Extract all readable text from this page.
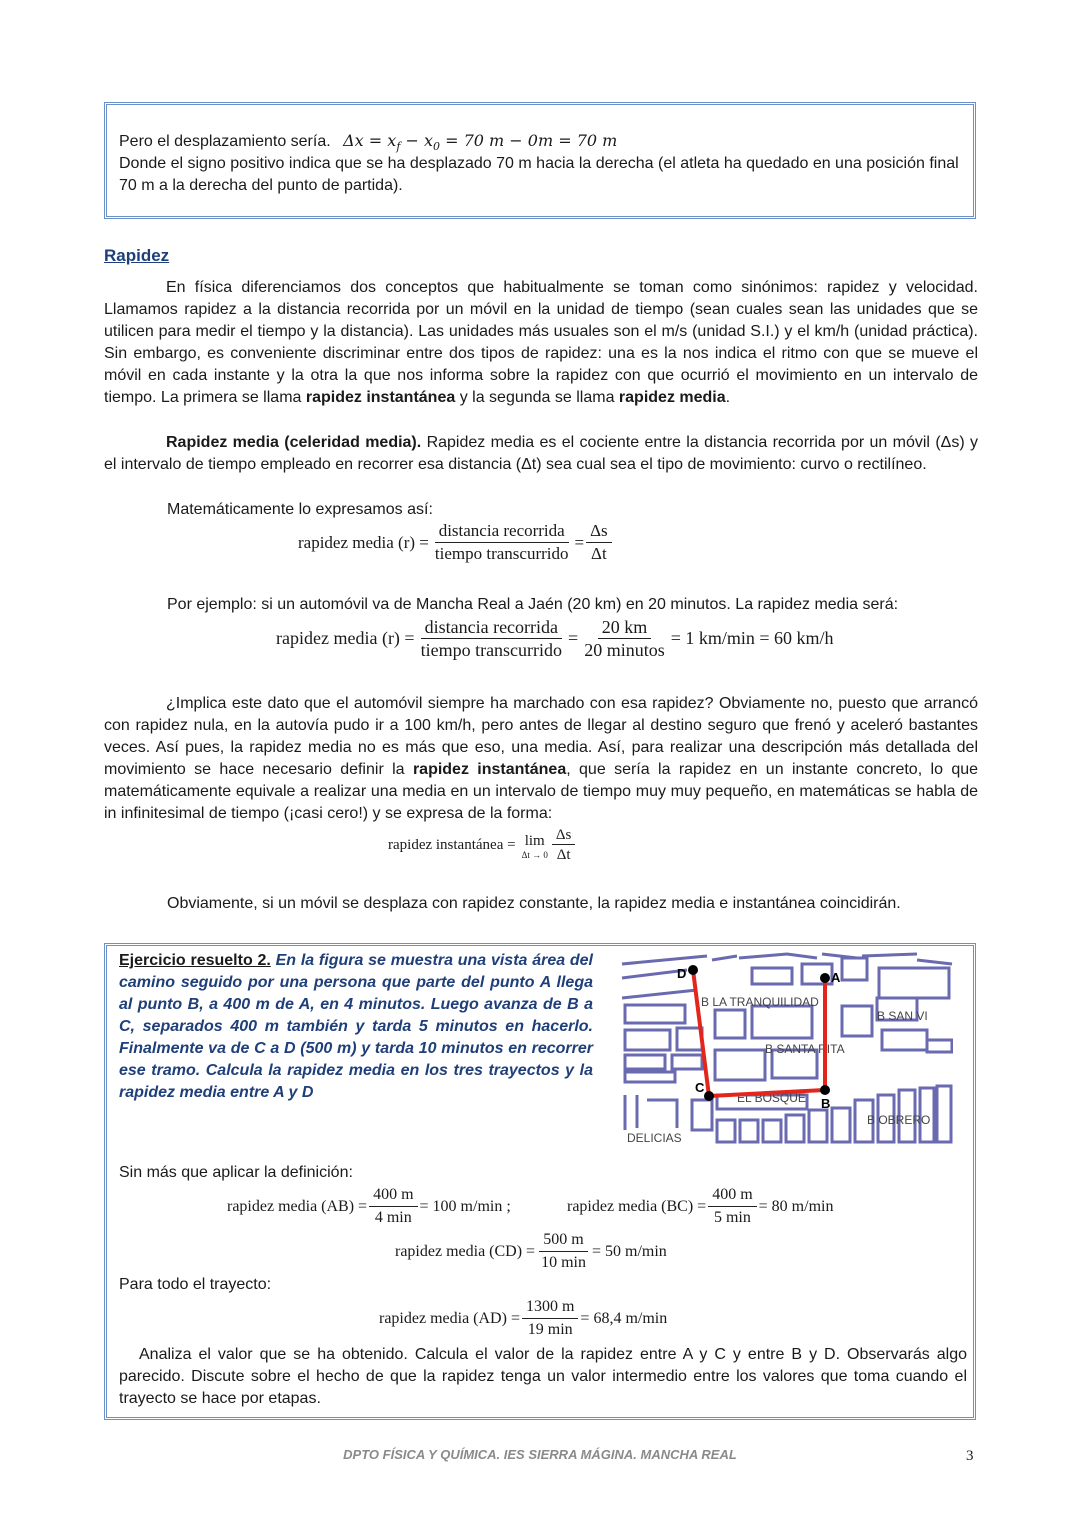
Pero el desplazamiento sería. $\Delta x = x_f - x_0 = 70$ m − 0m = 70 m

Donde el signo positivo indica que se ha desplazado 70 m hacia la derecha (el atleta ha quedado en una posición final 70 m a la derecha del punto de partida).

Rapidez

En física diferenciamos dos conceptos que habitualmente se toman como sinónimos: rapidez y velocidad. Llamamos rapidez a la distancia recorrida por un móvil en la unidad de tiempo (sean cuales sean las unidades que se utilicen para medir el tiempo y la distancia). Las unidades más usuales son el m/s (unidad S.I.) y el km/h (unidad práctica). Sin embargo, es conveniente discriminar entre dos tipos de rapidez: una es la nos indica el ritmo con que se mueve el móvil en cada instante y la otra la que nos informa sobre la rapidez con que ocurrió el movimiento en un intervalo de tiempo. La primera se llama rapidez instantánea y la segunda se llama rapidez media.

Rapidez media (celeridad media). Rapidez media es el cociente entre la distancia recorrida por un móvil (Δs) y el intervalo de tiempo empleado en recorrer esa distancia (Δt) sea cual sea el tipo de movimiento: curvo o rectilíneo.

Matemáticamente lo expresamos así:

rapidez media $(r) = \frac{\text{distancia recorrida}}{\text{tiempo transcurrido}} = \frac{\Delta s}{\Delta t}$

Por ejemplo: si un automóvil va de Mancha Real a Jaén (20 km) en 20 minutos. La rapidez media será:

rapidez media $(r) = \frac{\text{distancia recorrida}}{\text{tiempo transcurrido}} = \frac{20 km}{\text{20 minutos}} = 1$ km/min = 60 km/h

¿Implica este dato que el automóvil siempre ha marchado con esa rapidez? Obviamente no, puesto que arrancó con rapidez nula, en la autovía pudo ir a 100 km/h, pero antes de llegar al destino seguro que frenó y aceleró bastantes veces. Así pues, la rapidez media no es más que eso, una media. Así, para realizar una descripción más detallada del movimiento se hace necesario definir la rapidez instantánea, que sería la rapidez en un instante concreto, lo que matemáticamente equivale a realizar una media en un intervalo de tiempo muy muy pequeño, en matemáticas se habla de in infinitesimal de tiempo (¡casi cero!) y se expresa de la forma:

rapidez instantánea = lim
$\Delta t \to 0 \frac{\Delta s}{\Delta t}$

Obviamente, si un móvil se desplaza con rapidez constante, la rapidez media e instantánea coincidirán.

Ejercicio resuelto 2. En la figura se muestra una vista área del camino seguido por una persona que parte del punto A llega al punto B, a 400 m de A, en 4 minutos. Luego avanza de B a C, separados 400 m también y tarda 5 minutos en hacerlo. Finalmente va de C a D (500 m) y tarda 10 minutos en recorrer ese tramo. Calcula la rapidez media en los tres trayectos y la rapidez media entre A y D

B LA TRANQUILIDAD
B SAN VI
B SANTA RITA
EL BOSQUE
B OBRERO
DELICIAS
A
B
C
D

Sin más que aplicar la definición:

rapidez media $(AB) = \frac{400 m}{4 \min} = 100$ m/min ;	rapidez media $(BC) = \frac{400 m}{5 \min} = 80$ m/min
rapidez media $(CD) = \frac{500 m}{10 \min} = 50$ m/min

Para todo el trayecto:

rapidez media $(AD) = \frac{1300 m}{19 \min} = 68,4$ m/min

Analiza el valor que se ha obtenido. Calcula el valor de la rapidez entre A y C y entre B y D. Observarás algo parecido. Discute sobre el hecho de que la rapidez tenga un valor intermedio entre los valores que toma cuando el trayecto se hace por etapas.

DPTO FÍSICA Y QUÍMICA. IES SIERRA MÁGINA. MANCHA REAL	3
